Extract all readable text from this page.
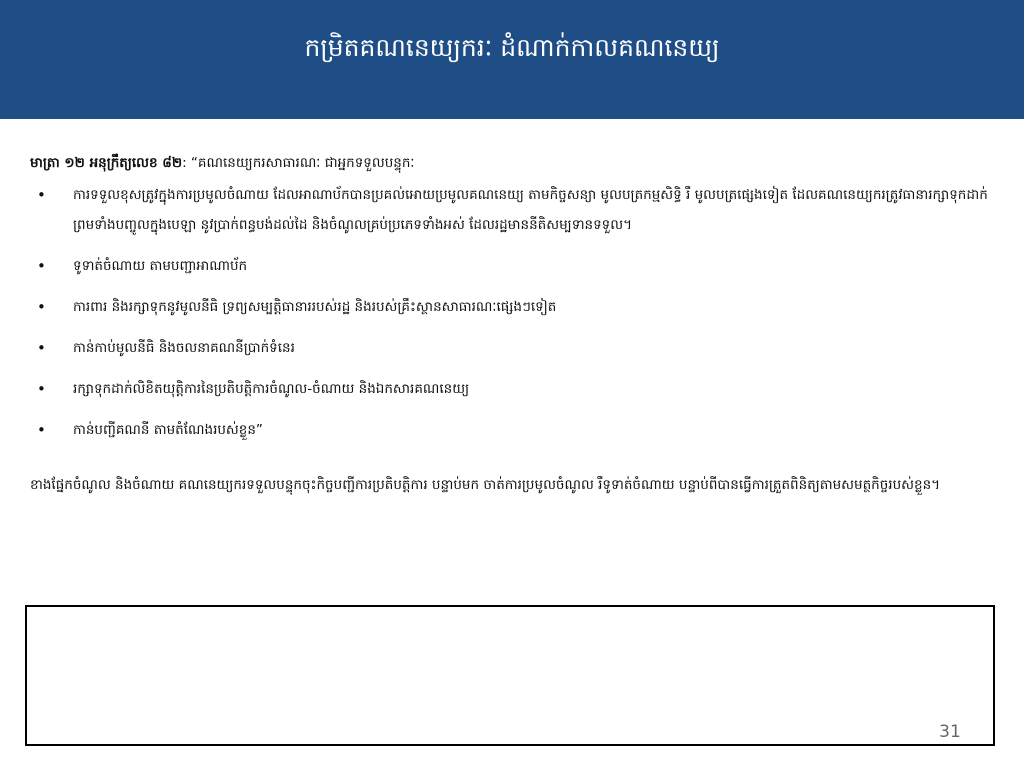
កម្រិតគណនេយ្យករៈ ដំណាក់កាលគណនេយ្យ
មាត្រា ១២ អនុក្រឹត្យលេខ ៨២: “គណនេយ្យករសាធារណៈ ជាអ្នកទទួលបន្ទុកៈ
• ការទទួលខុសត្រូវក្នុងការប្រមូលចំណាយ ដែលអាណាប័កបានប្រគល់អោយប្រមូលគណនេយ្យ តាមកិច្ចសន្យា មូលបត្រកម្មសិទ្ធិ រឺ មូលបត្រផ្សេងទៀត ដែលគណនេយ្យករត្រូវធានារក្សាទុកដាក់ ព្រមទាំងបញ្ចូលក្នុងបេឡា នូវប្រាក់ពន្ធបង់ដល់ដៃ និងចំណូលគ្រប់ប្រភេទទាំងអស់ ដែលរដ្ឋមាននីតិសម្បទានទទួល។
• ទូទាត់ចំណាយ តាមបញ្ជាអាណាប័ក
• ការពារ និងរក្សាទុកនូវមូលនីធិ ទ្រព្យសម្បត្តិធានាររបស់រដ្ឋ និងរបស់គ្រឹះស្ថានសាធារណៈផ្សេងៗទៀត
• កាន់កាប់មូលនីធិ និងចលនាគណនីប្រាក់ទំនេរ
• រក្សាទុកដាក់លិខិតយុត្តិការនៃប្រតិបត្តិការចំណូល-ចំណាយ និងឯកសារគណនេយ្យ
• កាន់បញ្ជីគណនី តាមតំណែងរបស់ខ្លួន”
ខាងផ្នែកចំណូល និងចំណាយ គណនេយ្យករទទួលបន្ទុកចុះកិច្ចបញ្ជីការប្រតិបត្តិការ បន្ទាប់មក ចាត់ការប្រមូលចំណូល រឺទូទាត់ចំណាយ បន្ទាប់ពីបានធ្វើការត្រួតពិនិត្យតាមសមត្ថកិច្ចរបស់ខ្លួន។
31
